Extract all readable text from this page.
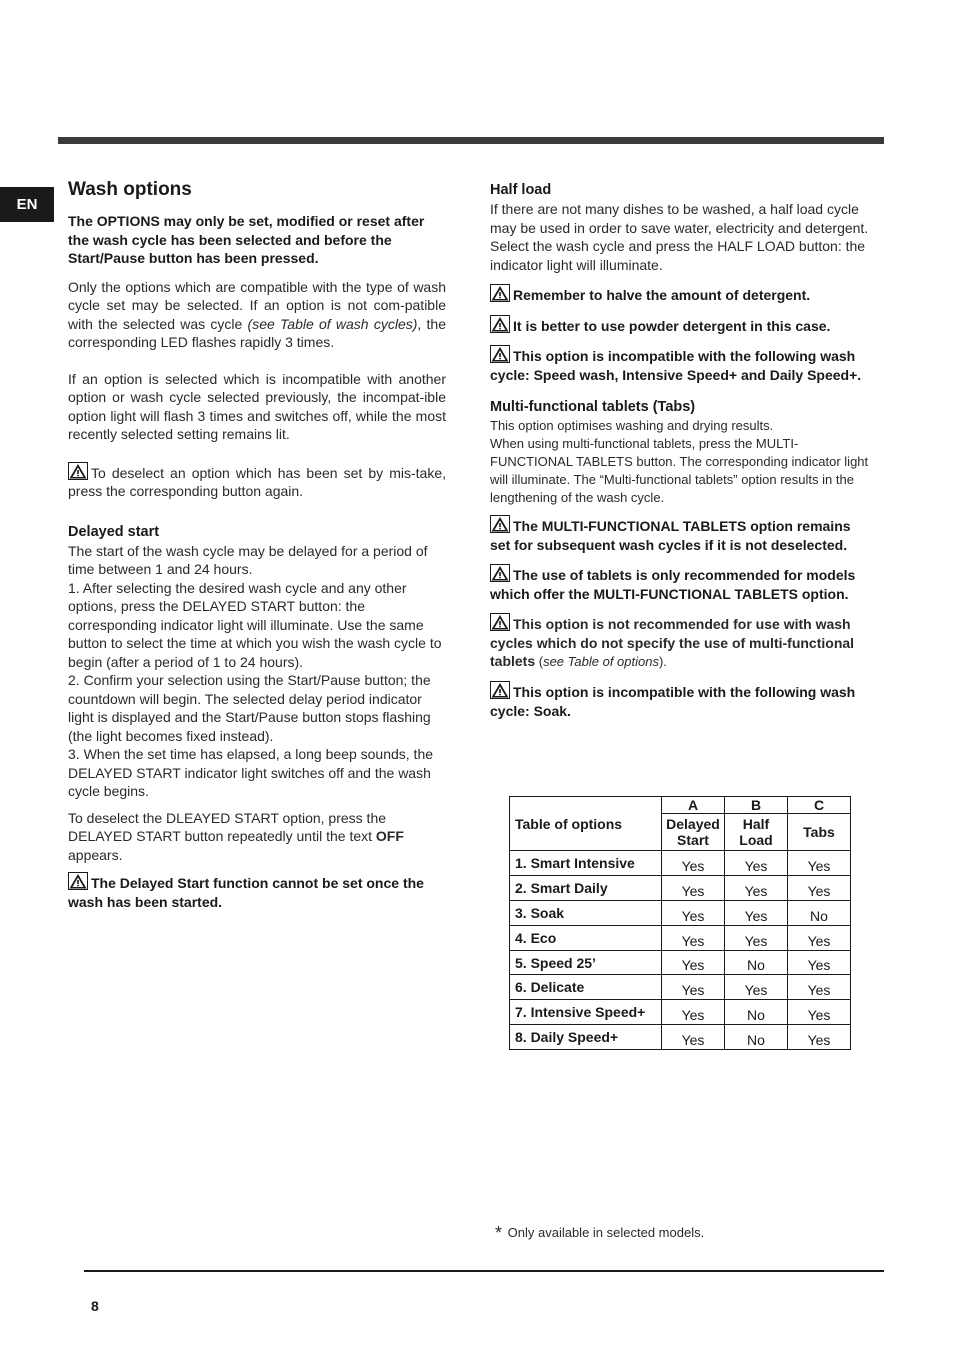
EN
Wash options

The OPTIONS may only be set, modified or reset after the wash cycle has been selected and before the Start/Pause button has been pressed.

Only the options which are compatible with the type of wash cycle set may be selected. If an option is not com-patible with the selected was cycle (see Table of wash cycles), the corresponding LED flashes rapidly 3 times.

If an option is selected which is incompatible with another option or wash cycle selected previously, the incompat-ible option light will flash 3 times and switches off, while the most recently selected setting remains lit.

To deselect an option which has been set by mis-take, press the corresponding button again.

Delayed start

The start of the wash cycle may be delayed for a period of time between 1 and 24 hours.

1. After selecting the desired wash cycle and any other options, press the DELAYED START button: the corresponding indicator light will illuminate. Use the same button to select the time at which you wish the wash cycle to begin (after a period of 1 to 24 hours).

2. Confirm your selection using the Start/Pause button; the countdown will begin. The selected delay period indicator light is displayed and the Start/Pause button stops flashing (the light becomes fixed instead).

3. When the set time has elapsed, a long beep sounds, the DELAYED START indicator light switches off and the wash cycle begins.

To deselect the DLEAYED START option, press the DELAYED START button repeatedly until the text OFF appears.

The Delayed Start function cannot be set once the wash has been started.

Half load

If there are not many dishes to be washed, a half load cycle may be used in order to save water, electricity and detergent. Select the wash cycle and press the HALF LOAD button: the indicator light will illuminate.

Remember to halve the amount of detergent.

It is better to use powder detergent in this case.

This option is incompatible with the following wash cycle: Speed wash, Intensive Speed+ and Daily Speed+.

Multi-functional tablets (Tabs)

This option optimises washing and drying results.

When using multi-functional tablets, press the MULTI-FUNCTIONAL TABLETS button. The corresponding indicator light will illuminate. The “Multi-functional tablets” option results in the lengthening of the wash cycle.

The MULTI-FUNCTIONAL TABLETS option remains set for subsequent wash cycles if it is not deselected.

The use of tablets is only recommended for models which offer the MULTI-FUNCTIONAL TABLETS option.

This option is not recommended for use with wash cycles which do not specify the use of multi-functional tablets (see Table of options).

This option is incompatible with the following wash cycle: Soak.

Table of options	A	B	C
	Delayed Start	Half Load	Tabs
1. Smart Intensive	Yes	Yes	Yes
2. Smart Daily	Yes	Yes	Yes
3. Soak	Yes	Yes	No
4. Eco	Yes	Yes	Yes
5. Speed 25’	Yes	No	Yes
6. Delicate	Yes	Yes	Yes
7. Intensive Speed+	Yes	No	Yes
8. Daily Speed+	Yes	No	Yes
* Only available in selected models.
8
